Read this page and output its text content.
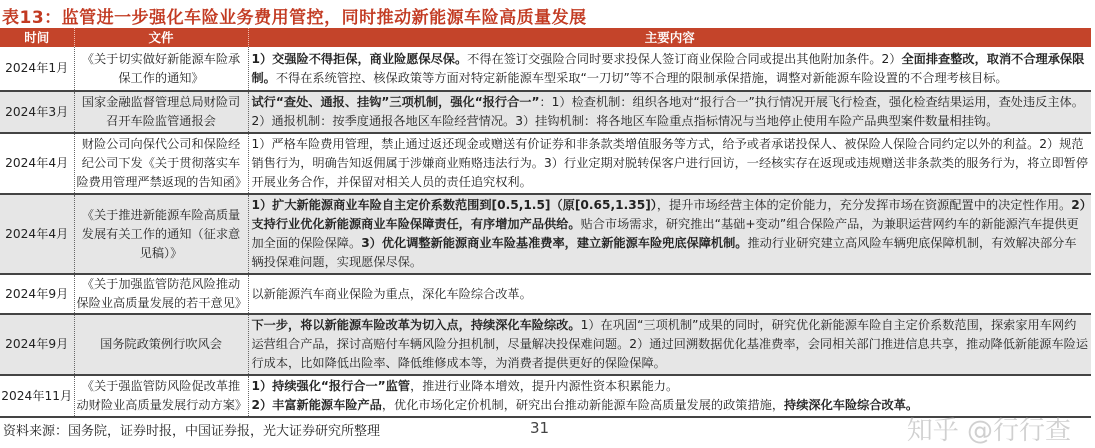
表13：监管进一步强化车险业务费用管控，同时推动新能源车险高质量发展
时间	文件	主要内容
2024年1月	《关于切实做好新能源车险承保工作的通知》	1）交强险不得拒保，商业险愿保尽保。不得在签订交强险合同时要求投保人签订商业保险合同或提出其他附加条件。2）全面排查整改，取消不合理承保限制。不得在系统管控、核保政策等方面对特定新能源车型采取“一刀切”等不合理的限制承保措施，调整对新能源车险设置的不合理考核目标。
2024年3月	国家金融监督管理总局财险司召开车险监管通报会	试行“查处、通报、挂钩”三项机制，强化“报行合一”：1）检查机制：组织各地对“报行合一”执行情况开展飞行检查，强化检查结果运用，查处违反主体。2）通报机制：按季度通报各地区车险经营情况。3）挂钩机制：将各地区车险重点指标情况与当地停止使用车险产品典型案件数量相挂钩。
2024年4月	财险公司向保代公司和保险经纪公司下发《关于贯彻落实车险费用管理严禁返现的告知函》	1）严格车险费用管理，禁止通过返还现金或赠送有价证券和非条款类增值服务等方式，给予或者承诺投保人、被保险人保险合同约定以外的利益。2）规范销售行为，明确告知返佣属于涉嫌商业贿赂违法行为。3）行业定期对脱转保客户进行回访，一经核实存在返现或违规赠送非条款类的服务行为，将立即暂停开展业务合作，并保留对相关人员的责任追究权利。
2024年4月	《关于推进新能源车险高质量发展有关工作的通知（征求意见稿）》	1）扩大新能源商业车险自主定价系数范围到[0.5,1.5]（原[0.65,1.35]），提升市场经营主体的定价能力，充分发挥市场在资源配置中的决定性作用。2）支持行业优化新能源商业车险保障责任，有序增加产品供给。贴合市场需求，研究推出“基础+变动”组合保险产品，为兼职运营网约车的新能源汽车提供更加全面的保险保障。3）优化调整新能源商业车险基准费率，建立新能源车险兜底保障机制。推动行业研究建立高风险车辆兜底保障机制，有效解决部分车辆投保难问题，实现愿保尽保。
2024年9月	《关于加强监管防范风险推动保险业高质量发展的若干意见》	以新能源汽车商业保险为重点，深化车险综合改革。
2024年9月	国务院政策例行吹风会	下一步，将以新能源车险改革为切入点，持续深化车险综改。1）在巩固“三项机制”成果的同时，研究优化新能源车险自主定价系数范围，探索家用车网约运营组合产品，探讨高赔付车辆风险分担机制，尽量解决投保难问题。2）通过回溯数据优化基准费率，会同相关部门推进信息共享，推动降低新能源车险运行成本，比如降低出险率、降低维修成本等，为消费者提供更好的保险保障。
2024年11月	《关于强监管防风险促改革推动财险业高质量发展行动方案》	1）持续强化“报行合一”监管，推进行业降本增效，提升内源性资本积累能力。
2）丰富新能源车险产品，优化市场化定价机制，研究出台推动新能源车险高质量发展的政策措施，持续深化车险综合改革。
资料来源：国务院，证券时报，中国证券报，光大证券研究所整理	31	知乎 @行行查
